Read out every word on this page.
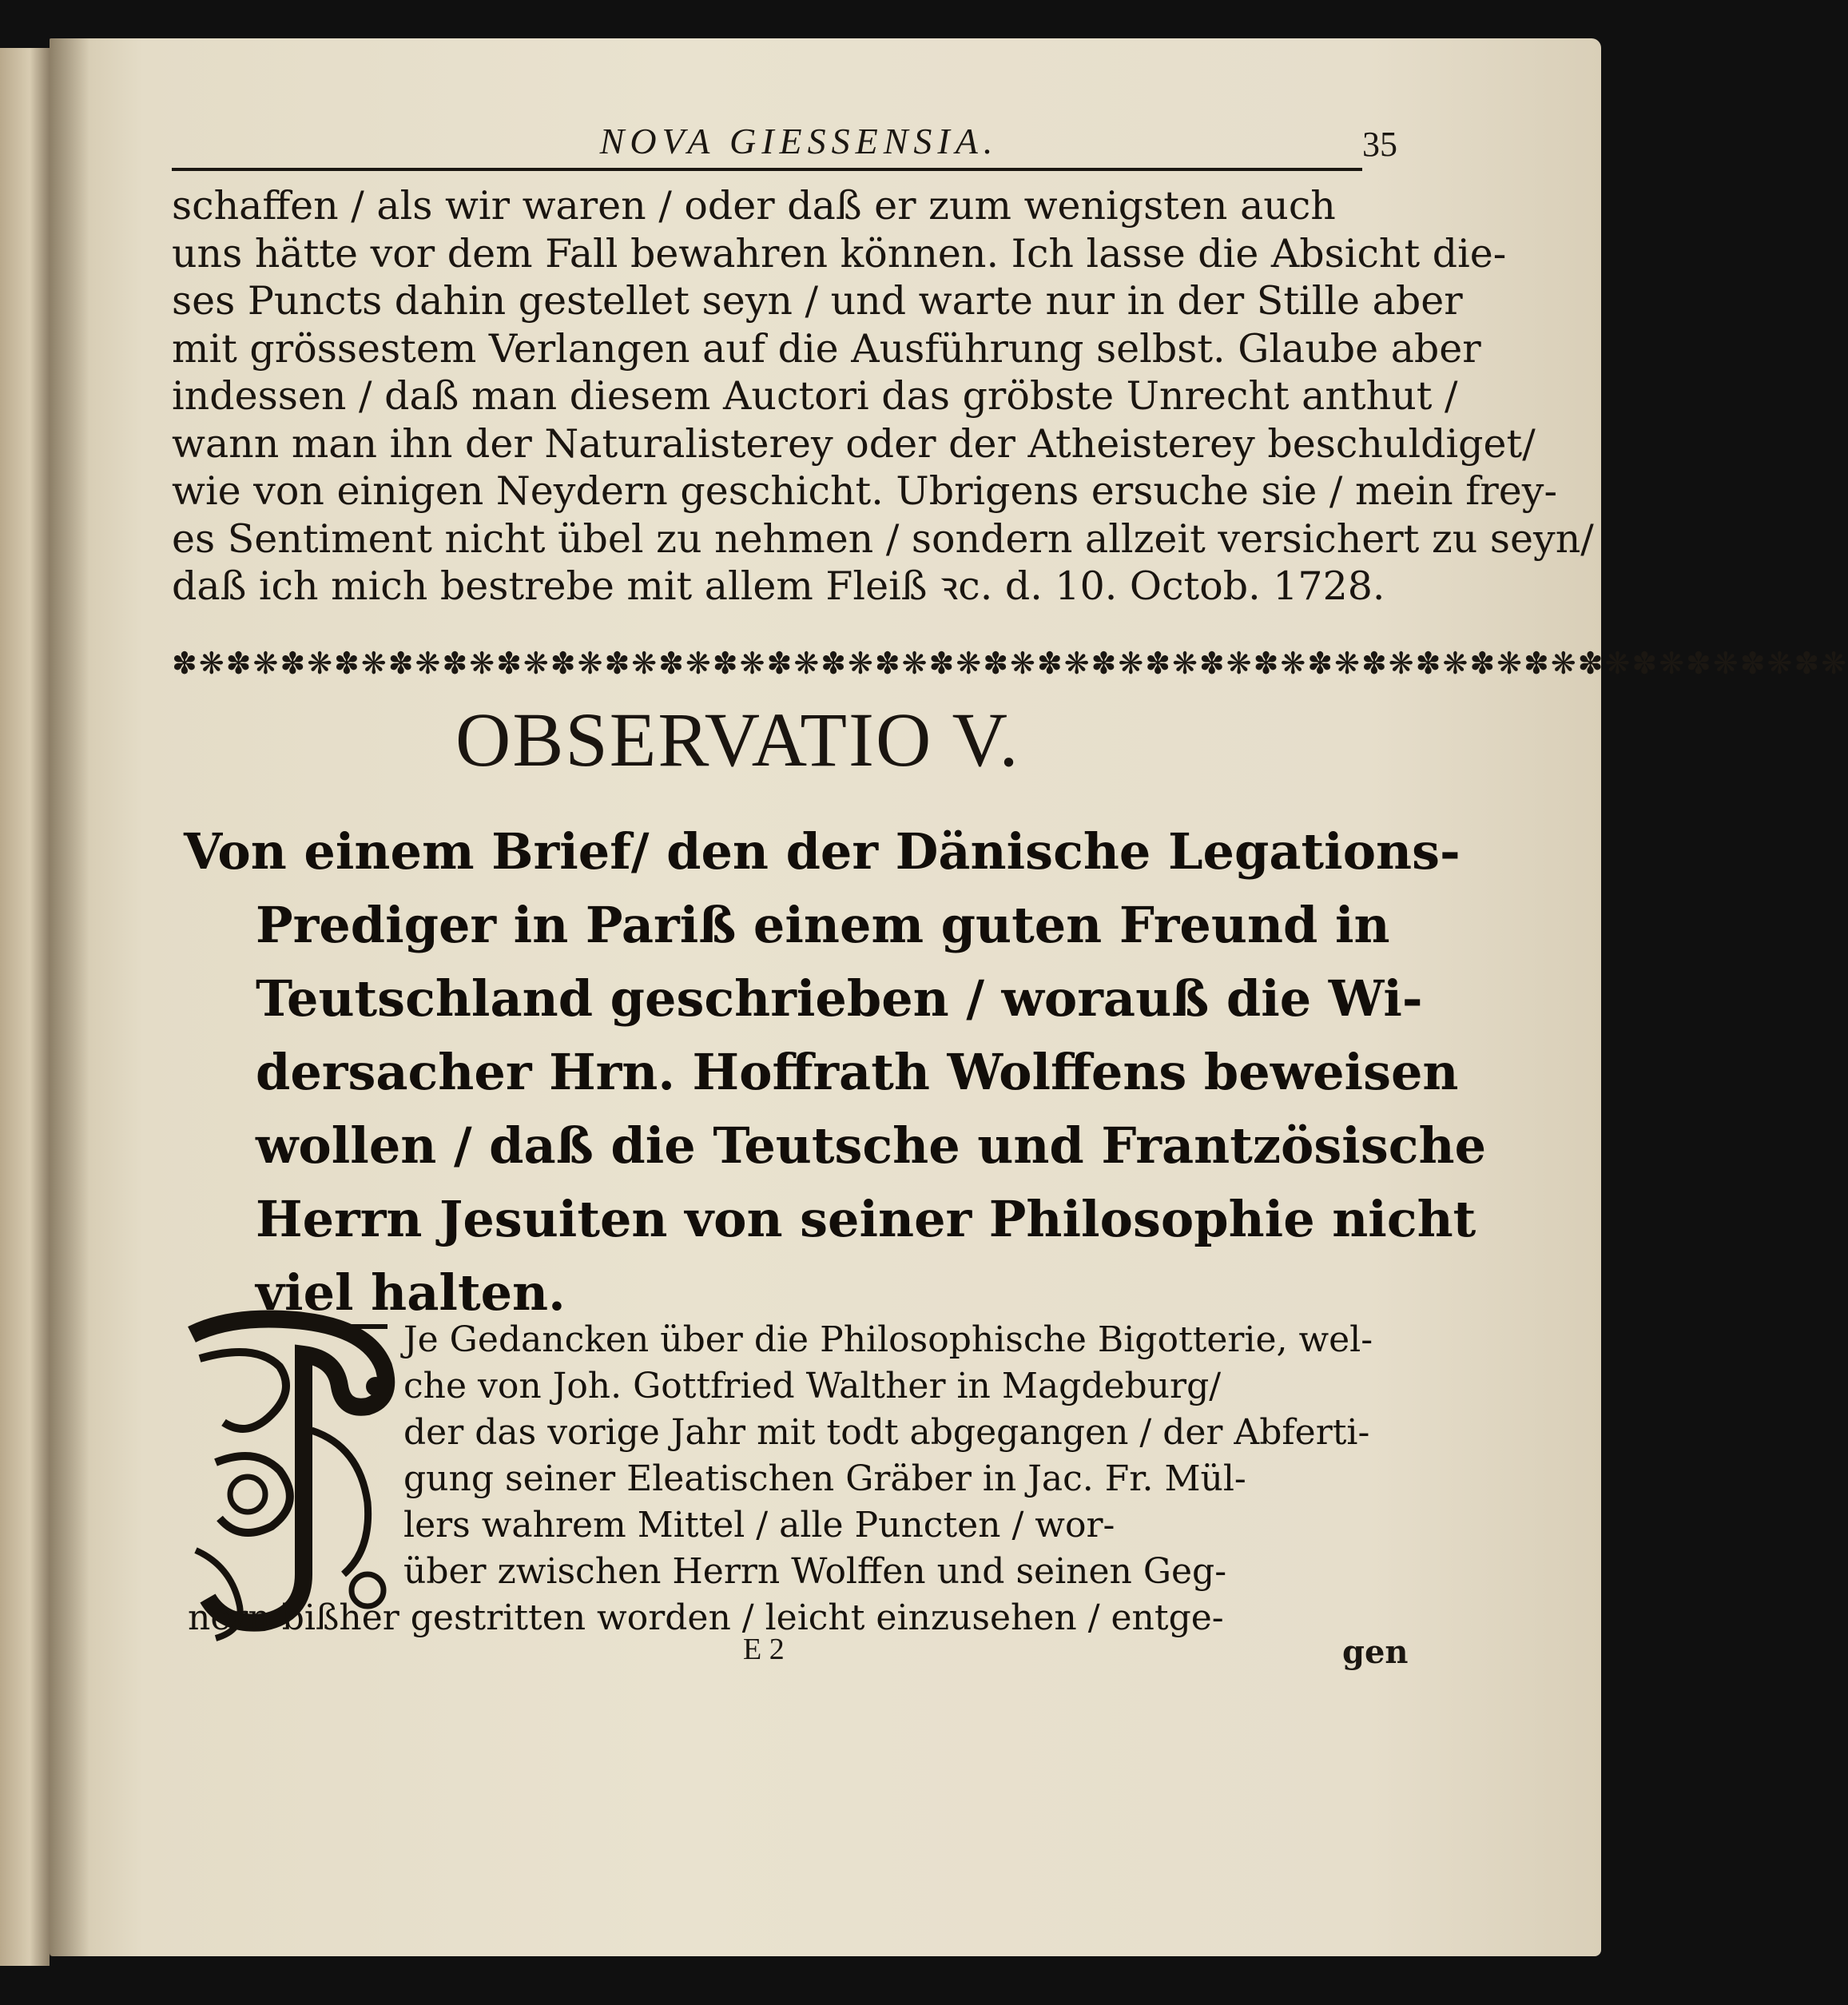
NOVA GIESSENSIA.	35
schaffen / als wir waren / oder daß er zum wenigsten auch
uns hätte vor dem Fall bewahren können. Ich lasse die Absicht die-
ses Puncts dahin gestellet seyn / und warte nur in der Stille aber
mit grössestem Verlangen auf die Ausführung selbst. Glaube aber
indessen / daß man diesem Auctori das gröbste Unrecht anthut /
wann man ihn der Naturalisterey oder der Atheisterey beschuldiget/
wie von einigen Neydern geschicht. Ubrigens ersuche sie / mein frey-
es Sentiment nicht übel zu nehmen / sondern allzeit versichert zu seyn/
daß ich mich bestrebe mit allem Fleiß ꝛc. d. 10. Octob. 1728.
✽❋✽❋✽❋✽❋✽❋✽❋✽❋✽❋✽❋✽❋✽❋✽❋✽❋✽❋✽❋✽❋✽❋✽❋✽❋✽❋✽❋✽❋✽❋✽❋✽❋✽❋✽❋✽❋✽❋✽❋✽❋
OBSERVATIO V.
Von einem Brief/ den der Dänische Legations-
Prediger in Pariß einem guten Freund in
Teutschland geschrieben / worauß die Wi-
dersacher Hrn. Hoffrath Wolffens beweisen
wollen / daß die Teutsche und Frantzösische
Herrn Jesuiten von seiner Philosophie nicht
viel halten.
Je Gedancken über die Philosophische Bigotterie, wel-
che von Joh. Gottfried Walther in Magdeburg/
der das vorige Jahr mit todt abgegangen / der Abferti-
gung seiner Eleatischen Gräber in Jac. Fr. Mül-
lers wahrem Mittel / alle Puncten / wor-
über zwischen Herrn Wolffen und seinen Geg-
nern bißher gestritten worden / leicht einzusehen / entge-
E 2	gen
